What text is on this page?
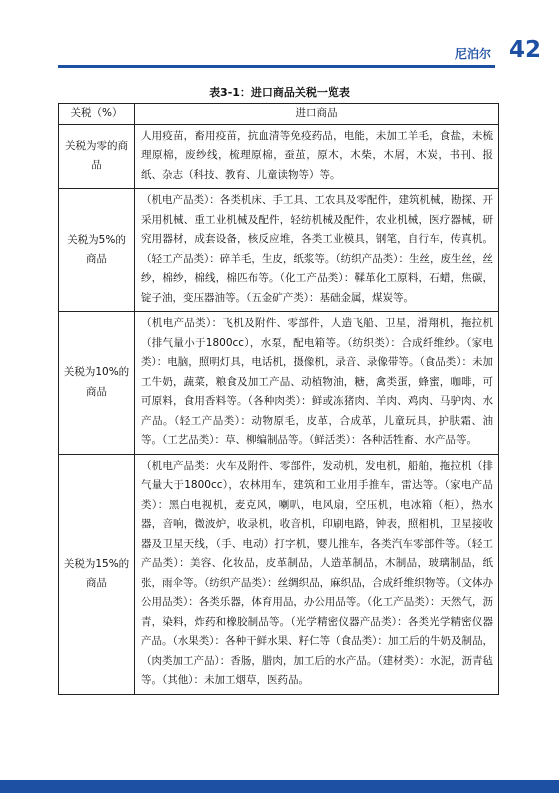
尼泊尔 42
表3-1：进口商品关税一览表
关税（%）	进口商品
关税为零的商品	人用疫苗，畜用疫苗，抗血清等免疫药品，电能，未加工羊毛，食盐，未梳理原棉，废纱线，梳理原棉，蚕茧，原木，木柴，木屑，木炭，书刊、报纸、杂志（科技、教育、儿童读物等）等。
关税为5%的商品	（机电产品类）：各类机床、手工具、工农具及零配件，建筑机械，勘探、开采用机械、重工业机械及配件，轻纺机械及配件，农业机械，医疗器械，研究用器材，成套设备，核反应堆，各类工业模具，钢笔，自行车，传真机。（轻工产品类）：碎羊毛，生皮，纸浆等。（纺织产品类）：生丝，废生丝，丝纱，棉纱，棉线，棉匹布等。（化工产品类）：鞣革化工原料，石蜡，焦碳，锭子油，变压器油等。（五金矿产类）：基础金属，煤炭等。
关税为10%的商品	（机电产品类）：飞机及附件、零部件，人造飞船、卫星，滑翔机，拖拉机（排气量小于1800cc），水泵，配电箱等。（纺织类）：合成纤维纱。（家电类）：电脑，照明灯具，电话机，摄像机，录音、录像带等。（食品类）：未加工牛奶，蔬菜，粮食及加工产品、动植物油，糖，禽类蛋，蜂蜜，咖啡，可可原料，食用香料等。（各种肉类）：鲜或冻猪肉、羊肉、鸡肉、马驴肉、水产品。（轻工产品类）：动物原毛，皮革，合成革，儿童玩具，护肤霜、油等。（工艺品类）：草、柳编制品等。（鲜活类）：各种活牲畜、水产品等。
关税为15%的商品	（机电产品类：火车及附件、零部件，发动机，发电机，船舶，拖拉机（排气量大于1800cc），农林用车，建筑和工业用手推车，雷达等。（家电产品类）：黑白电视机，麦克风，喇叭，电风扇，空压机，电冰箱（柜），热水器，音响，微波炉，收录机，收音机，印刷电路，钟表，照相机，卫星接收器及卫星天线，（手、电动）打字机，婴儿推车，各类汽车零部件等。（轻工产品类）：美容、化妆品，皮革制品，人造革制品，木制品，玻璃制品，纸张，雨伞等。（纺织产品类）：丝绸织品，麻织品，合成纤维织物等。（文体办公用品类）：各类乐器，体育用品，办公用品等。（化工产品类）：天然气，沥青，染料，炸药和橡胶制品等。（光学精密仪器产品类）：各类光学精密仪器产品。（水果类）：各种干鲜水果、籽仁等（食品类）：加工后的牛奶及制品，（肉类加工产品）：香肠，腊肉，加工后的水产品。（建材类）：水泥，沥青毡等。（其他）：未加工烟草，医药品。
